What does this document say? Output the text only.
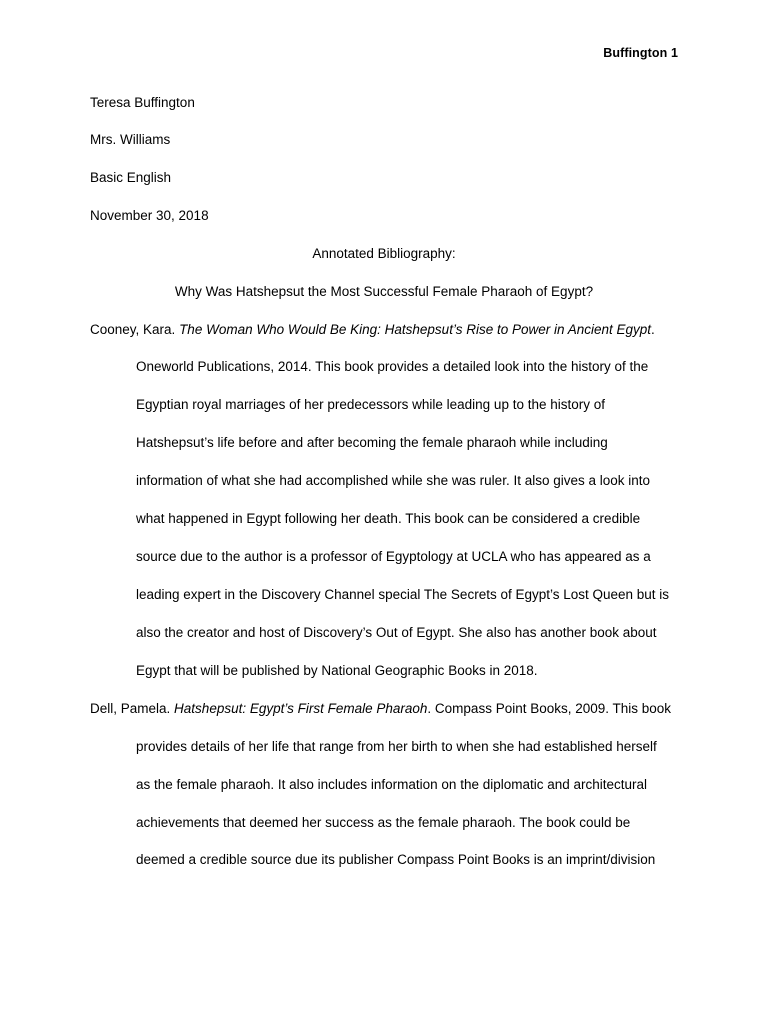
Buffington 1
Teresa Buffington
Mrs. Williams
Basic English
November 30, 2018
Annotated Bibliography:
Why Was Hatshepsut the Most Successful Female Pharaoh of Egypt?
Cooney, Kara. The Woman Who Would Be King: Hatshepsut’s Rise to Power in Ancient Egypt.
Oneworld Publications, 2014. This book provides a detailed look into the history of the
Egyptian royal marriages of her predecessors while leading up to the history of
Hatshepsut’s life before and after becoming the female pharaoh while including
information of what she had accomplished while she was ruler. It also gives a look into
what happened in Egypt following her death. This book can be considered a credible
source due to the author is a professor of Egyptology at UCLA who has appeared as a
leading expert in the Discovery Channel special The Secrets of Egypt’s Lost Queen but is
also the creator and host of Discovery’s Out of Egypt. She also has another book about
Egypt that will be published by National Geographic Books in 2018.
Dell, Pamela. Hatshepsut: Egypt’s First Female Pharaoh. Compass Point Books, 2009. This book
provides details of her life that range from her birth to when she had established herself
as the female pharaoh. It also includes information on the diplomatic and architectural
achievements that deemed her success as the female pharaoh. The book could be
deemed a credible source due its publisher Compass Point Books is an imprint/division
